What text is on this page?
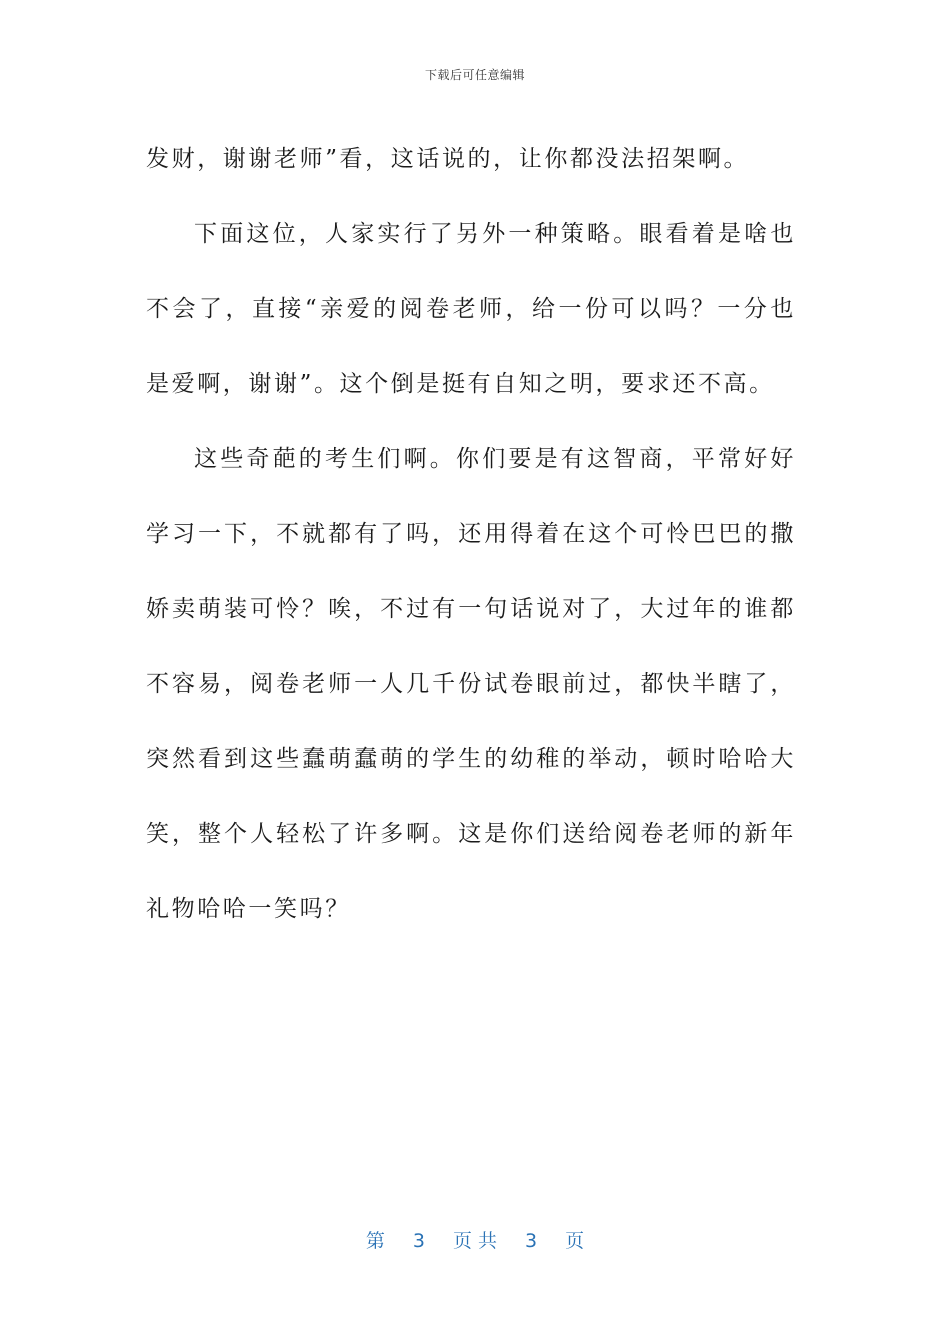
下载后可任意编辑

发财，谢谢老师”看，这话说的，让你都没法招架啊。

下面这位，人家实行了另外一种策略。眼看着是啥也不会了，直接“亲爱的阅卷老师，给一份可以吗？一分也是爱啊，谢谢”。这个倒是挺有自知之明，要求还不高。

这些奇葩的考生们啊。你们要是有这智商，平常好好学习一下，不就都有了吗，还用得着在这个可怜巴巴的撒娇卖萌装可怜？唉，不过有一句话说对了，大过年的谁都不容易，阅卷老师一人几千份试卷眼前过，都快半瞎了，突然看到这些蠢萌蠢萌的学生的幼稚的举动，顿时哈哈大笑，整个人轻松了许多啊。这是你们送给阅卷老师的新年礼物哈哈一笑吗？

第 3 页 共 3 页
